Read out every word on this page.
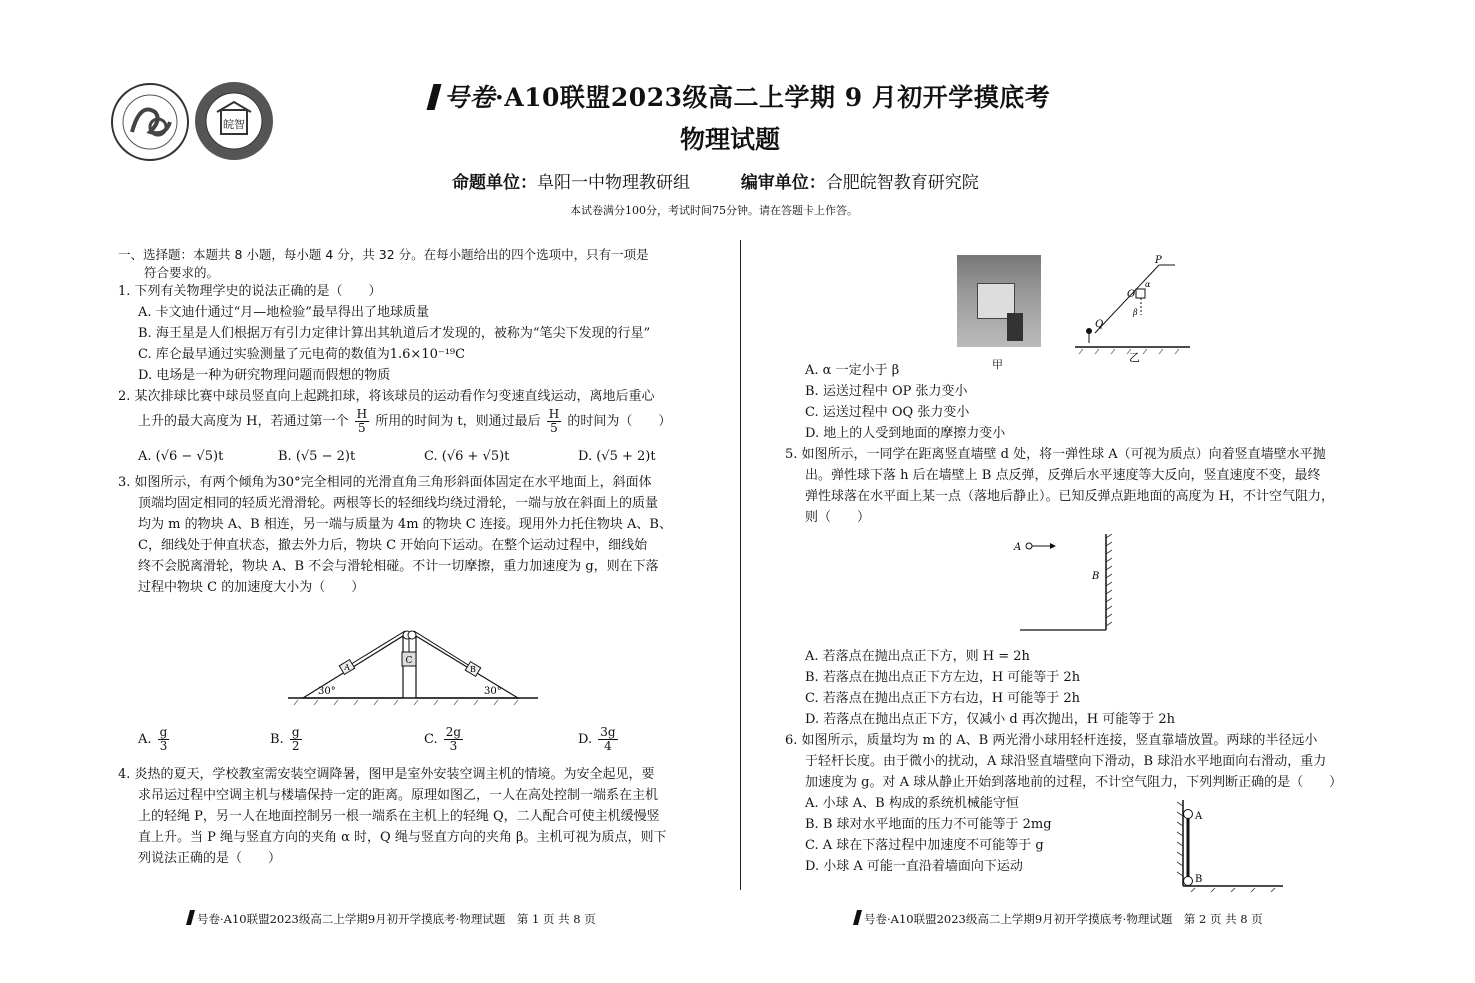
皖智
号卷·A10联盟2023级高二上学期 9 月初开学摸底考
物理试题
命题单位：阜阳一中物理教研组	编审单位：合肥皖智教育研究院
本试卷满分100分，考试时间75分钟。请在答题卡上作答。
一、选择题：本题共 8 小题，每小题 4 分，共 32 分。在每小题给出的四个选项中，只有一项是
符合要求的。
1. 下列有关物理学史的说法正确的是（　　）
A. 卡文迪什通过“月—地检验”最早得出了地球质量
B. 海王星是人们根据万有引力定律计算出其轨道后才发现的，被称为“笔尖下发现的行星”
C. 库仑最早通过实验测量了元电荷的数值为1.6×10⁻¹⁹C
D. 电场是一种为研究物理问题而假想的物质
2. 某次排球比赛中球员竖直向上起跳扣球，将该球员的运动看作匀变速直线运动，离地后重心
上升的最大高度为 H，若通过第一个 $\frac{H}{5}$ 所用的时间为 t，则通过最后 $\frac{H}{5}$ 的时间为（　　）
A. (√6 − √5)t	B. (√5 − 2)t	C. (√6 + √5)t	D. (√5 + 2)t
3. 如图所示，有两个倾角为30°完全相同的光滑直角三角形斜面体固定在水平地面上，斜面体
顶端均固定相同的轻质光滑滑轮。两根等长的轻细线均绕过滑轮，一端与放在斜面上的质量
均为 m 的物块 A、B 相连，另一端与质量为 4m 的物块 C 连接。现用外力托住物块 A、B、
C，细线处于伸直状态，撤去外力后，物块 C 开始向下运动。在整个运动过程中，细线始
终不会脱离滑轮，物块 A、B 不会与滑轮相碰。不计一切摩擦，重力加速度为 g，则在下落
过程中物块 C 的加速度大小为（　　）
C
A	B
30°	30°
A. $\frac{g}{3}$	B. $\frac{g}{2}$	C. $\frac{2g}{3}$	D. $\frac{3g}{4}$
4. 炎热的夏天，学校教室需安装空调降暑，图甲是室外安装空调主机的情境。为安全起见，要
求吊运过程中空调主机与楼墙保持一定的距离。原理如图乙，一人在高处控制一端系在主机
上的轻绳 P，另一人在地面控制另一根一端系在主机上的轻绳 Q，二人配合可使主机缓慢竖
直上升。当 P 绳与竖直方向的夹角 α 时，Q 绳与竖直方向的夹角 β。主机可视为质点，则下
列说法正确的是（　　）
甲
P
O
Q
α
β
乙
A. α 一定小于 β
B. 运送过程中 OP 张力变小
C. 运送过程中 OQ 张力变小
D. 地上的人受到地面的摩擦力变小
5. 如图所示，一同学在距离竖直墙壁 d 处，将一弹性球 A（可视为质点）向着竖直墙壁水平抛
出。弹性球下落 h 后在墙壁上 B 点反弹，反弹后水平速度等大反向，竖直速度不变，最终
弹性球落在水平面上某一点（落地后静止）。已知反弹点距地面的高度为 H，不计空气阻力，
则（　　）
A
B
A. 若落点在抛出点正下方，则 H = 2h
B. 若落点在抛出点正下方左边，H 可能等于 2h
C. 若落点在抛出点正下方右边，H 可能等于 2h
D. 若落点在抛出点正下方，仅减小 d 再次抛出，H 可能等于 2h
6. 如图所示，质量均为 m 的 A、B 两光滑小球用轻杆连接，竖直靠墙放置。两球的半径远小
于轻杆长度。由于微小的扰动，A 球沿竖直墙壁向下滑动，B 球沿水平地面向右滑动，重力
加速度为 g。对 A 球从静止开始到落地前的过程，不计空气阻力，下列判断正确的是（　　）
A. 小球 A、B 构成的系统机械能守恒
B. B 球对水平地面的压力不可能等于 2mg
C. A 球在下落过程中加速度不可能等于 g
D. 小球 A 可能一直沿着墙面向下运动
A
B
号卷·A10联盟2023级高二上学期9月初开学摸底考·物理试题　第 1 页 共 8 页	号卷·A10联盟2023级高二上学期9月初开学摸底考·物理试题　第 2 页 共 8 页
